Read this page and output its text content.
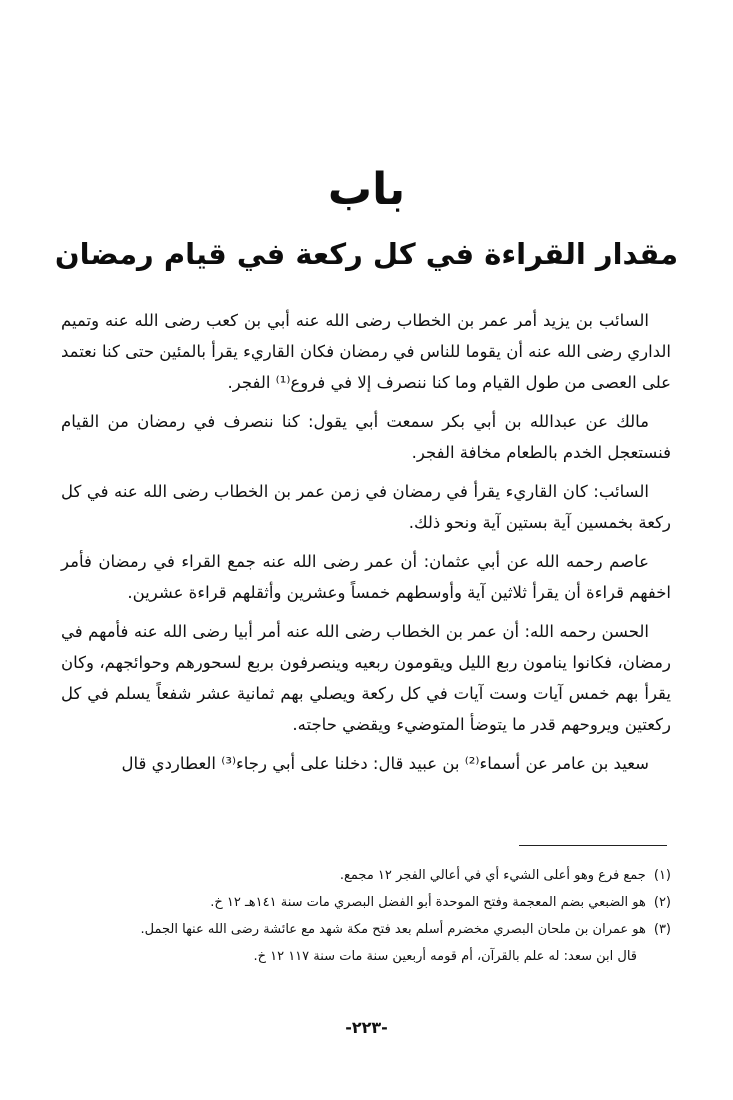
باب
مقدار القراءة في كل ركعة في قيام رمضان

السائب بن يزيد أمر عمر بن الخطاب رضى الله عنه أبي بن كعب رضى الله عنه وتميم الداري رضى الله عنه أن يقوما للناس في رمضان فكان القاريء يقرأ بالمئين حتى كنا نعتمد على العصى من طول القيام وما كنا ننصرف إلا في فروع⁽¹⁾ الفجر.

مالك عن عبدالله بن أبي بكر سمعت أبي يقول: كنا ننصرف في رمضان من القيام فنستعجل الخدم بالطعام مخافة الفجر.

السائب: كان القاريء يقرأ في رمضان في زمن عمر بن الخطاب رضى الله عنه في كل ركعة بخمسين آية بستين آية ونحو ذلك.

عاصم رحمه الله عن أبي عثمان: أن عمر رضى الله عنه جمع القراء في رمضان فأمر اخفهم قراءة أن يقرأ ثلاثين آية وأوسطهم خمساً وعشرين وأثقلهم قراءة عشرين.

الحسن رحمه الله: أن عمر بن الخطاب رضى الله عنه أمر أبيا رضى الله عنه فأمهم في رمضان، فكانوا ينامون ربع الليل ويقومون ربعيه وينصرفون بربع لسحورهم وحوائجهم، وكان يقرأ بهم خمس آيات وست آيات في كل ركعة ويصلي بهم ثمانية عشر شفعاً يسلم في كل ركعتين ويروحهم قدر ما يتوضأ المتوضيء ويقضي حاجته.

سعيد بن عامر عن أسماء⁽²⁾ بن عبيد قال: دخلنا على أبي رجاء⁽³⁾ العطاردي قال

(١)جمع فرع وهو أعلى الشيء أي في أعالي الفجر ١٢ مجمع.
(٢)هو الضبعي بضم المعجمة وفتح الموحدة أبو الفضل البصري مات سنة ١٤١هـ ١٢ خ.
(٣)هو عمران بن ملحان البصري مخضرم أسلم بعد فتح مكة شهد مع عائشة رضى الله عنها الجمل.
قال ابن سعد: له علم بالقرآن، أم قومه أربعين سنة مات سنة ١١٧ ١٢ خ.
-٢٢٣-
